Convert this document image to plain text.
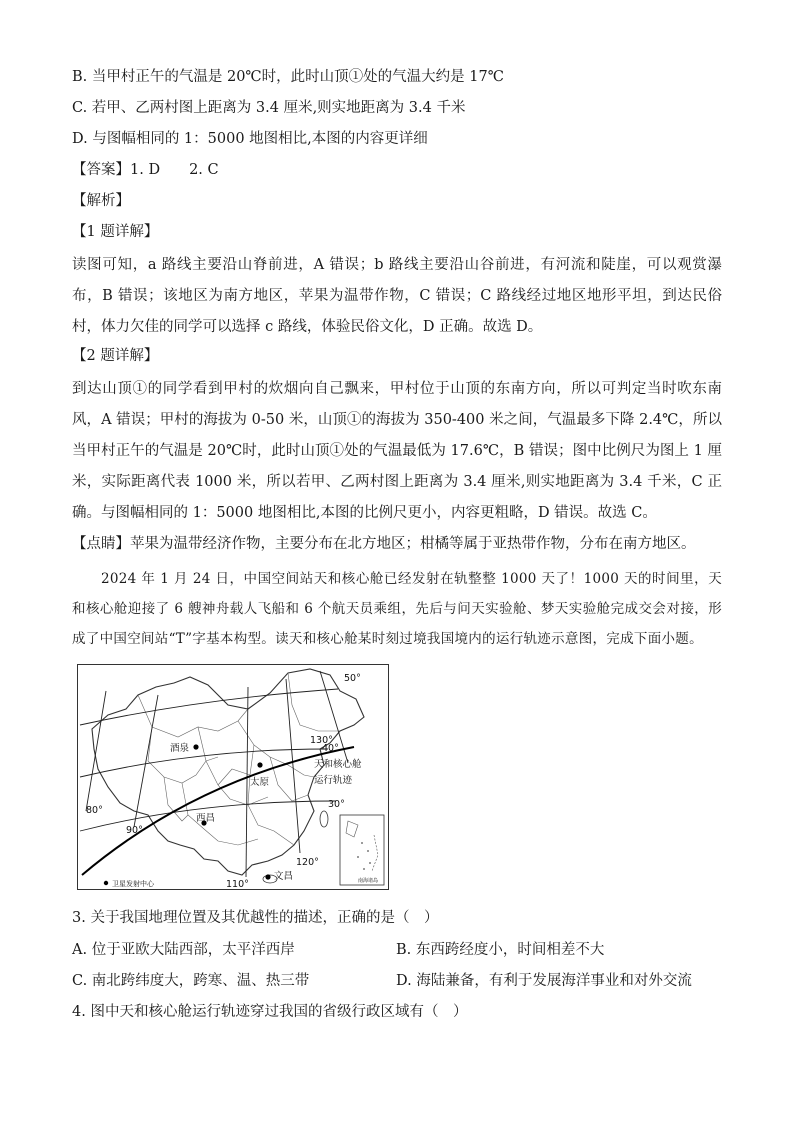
B. 当甲村正午的气温是 20℃时，此时山顶①处的气温大约是 17℃
C. 若甲、乙两村图上距离为 3.4 厘米,则实地距离为 3.4 千米
D. 与图幅相同的 1：5000 地图相比,本图的内容更详细
【答案】1. D　　2. C
【解析】
【1 题详解】

读图可知，a 路线主要沿山脊前进，A 错误；b 路线主要沿山谷前进，有河流和陡崖，可以观赏瀑布，B 错误；该地区为南方地区，苹果为温带作物，C 错误；C 路线经过地区地形平坦，到达民俗村，体力欠佳的同学可以选择 c 路线，体验民俗文化，D 正确。故选 D。

【2 题详解】

到达山顶①的同学看到甲村的炊烟向自己飘来，甲村位于山顶的东南方向，所以可判定当时吹东南风，A 错误；甲村的海拔为 0-50 米，山顶①的海拔为 350-400 米之间，气温最多下降 2.4℃，所以当甲村正午的气温是 20℃时，此时山顶①处的气温最低为 17.6℃，B 错误；图中比例尺为图上 1 厘米，实际距离代表 1000 米，所以若甲、乙两村图上距离为 3.4 厘米,则实地距离为 3.4 千米，C 正确。与图幅相同的 1：5000 地图相比,本图的比例尺更小，内容更粗略，D 错误。故选 C。

【点睛】苹果为温带经济作物，主要分布在北方地区；柑橘等属于亚热带作物，分布在南方地区。

2024 年 1 月 24 日，中国空间站天和核心舱已经发射在轨整整 1000 天了！1000 天的时间里，天和核心舱迎接了 6 艘神舟载人飞船和 6 个航天员乘组，先后与问天实验舱、梦天实验舱完成交会对接，形成了中国空间站“T”字基本构型。读天和核心舱某时刻过境我国境内的运行轨迹示意图，完成下面小题。

酒泉
太原
西昌
文昌
天和核心舱
运行轨迹
50°
40°
30°
80°
90°
110°
120°
130°
卫星发射中心	南海诸岛
3. 关于我国地理位置及其优越性的描述，正确的是（　）
A. 位于亚欧大陆西部，太平洋西岸	B. 东西跨经度小，时间相差不大
C. 南北跨纬度大，跨寒、温、热三带	D. 海陆兼备，有利于发展海洋事业和对外交流
4. 图中天和核心舱运行轨迹穿过我国的省级行政区域有（　）
